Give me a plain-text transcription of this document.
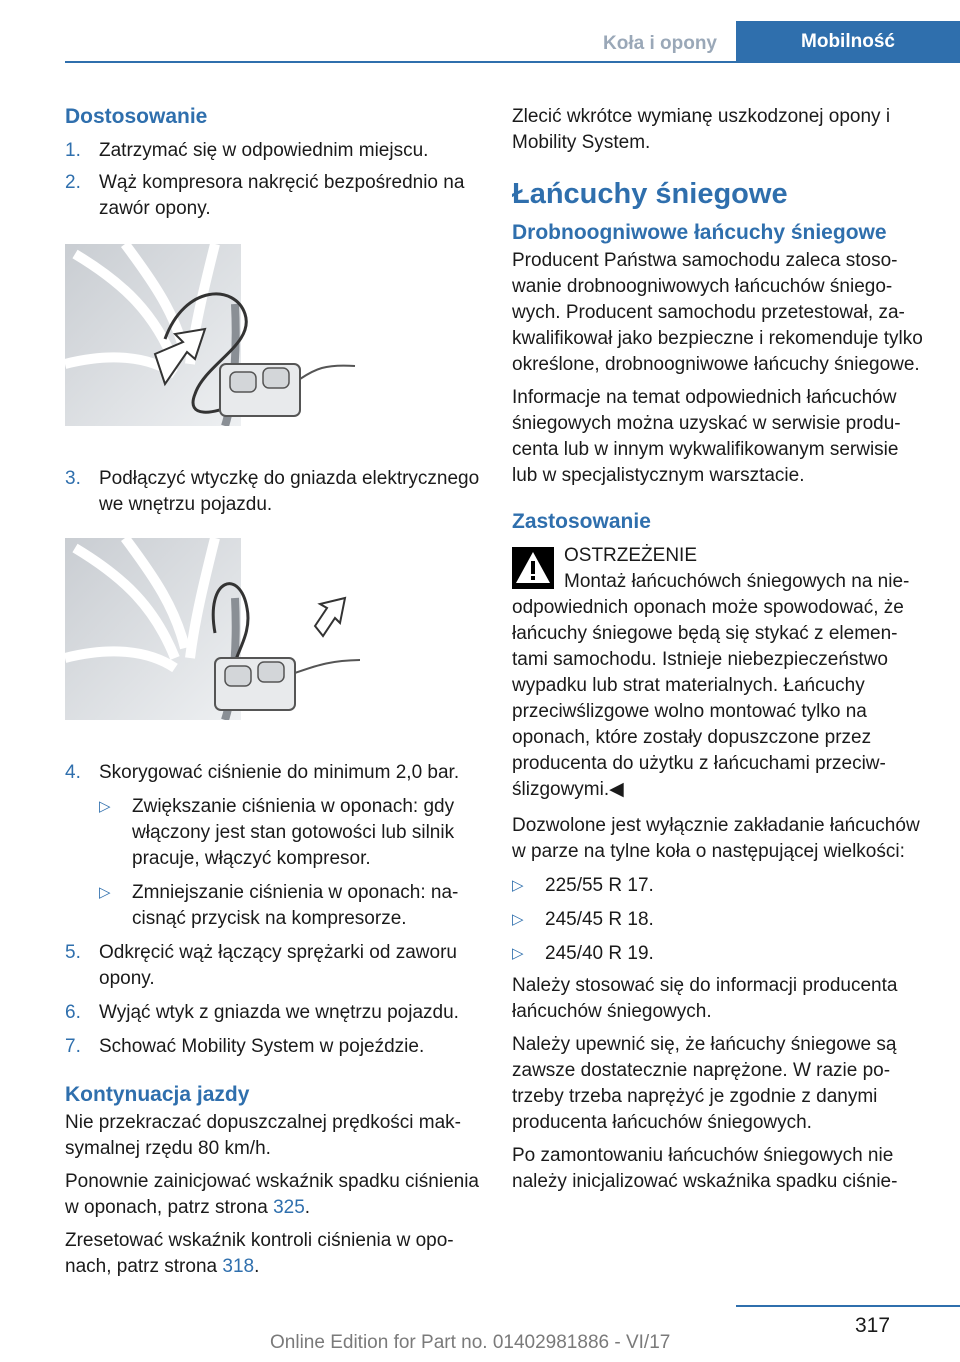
Koła i opony	Mobilność
Dostosowanie
1. Zatrzymać się w odpowiednim miejscu.
2. Wąż kompresora nakręcić bezpośrednio na zawór opony.
3. Podłączyć wtyczkę do gniazda elektrycznego we wnętrzu pojazdu.
4. Skorygować ciśnienie do minimum 2,0 bar.
▷	Zwiększanie ciśnienia w oponach: gdy włączony jest stan gotowości lub silnik pracuje, włączyć kompresor.
▷	Zmniejszanie ciśnienia w oponach: nacisnąć przycisk na kompresorze.
5. Odkręcić wąż łączący sprężarki od zaworu opony.
6. Wyjąć wtyk z gniazda we wnętrzu pojazdu.
7. Schować Mobility System w pojeździe.
Kontynuacja jazdy

Nie przekraczać dopuszczalnej prędkości maksymalnej rzędu 80 km/h.

Ponownie zainicjować wskaźnik spadku ciśnienia w oponach, patrz strona 325.

Zresetować wskaźnik kontroli ciśnienia w oponach, patrz strona 318.

Zlecić wkrótce wymianę uszkodzonej opony i Mobility System.

Łańcuchy śniegowe
Drobnoogniwowe łańcuchy śniegowe

Producent Państwa samochodu zaleca stosowanie drobnoogniwowych łańcuchów śniegowych. Producent samochodu przetestował, zakwalifikował jako bezpieczne i rekomenduje tylko określone, drobnoogniwowe łańcuchy śniegowe.

Informacje na temat odpowiednich łańcuchów śniegowych można uzyskać w serwisie producenta lub w innym wykwalifikowanym serwisie lub w specjalistycznym warsztacie.

Zastosowanie

OSTRZEŻENIE

Montaż łańcuchówch śniegowych na nieodpowiednich oponach może spowodować, że łańcuchy śniegowe będą się stykać z elementami samochodu. Istnieje niebezpieczeństwo wypadku lub strat materialnych. Łańcuchy przeciwślizgowe wolno montować tylko na oponach, które zostały dopuszczone przez producenta do użytku z łańcuchami przeciwślizgowymi.◀

Dozwolone jest wyłącznie zakładanie łańcuchów w parze na tylne koła o następującej wielkości:

▷	225/55 R 17.
▷	245/45 R 18.
▷	245/40 R 19.

Należy stosować się do informacji producenta łańcuchów śniegowych.

Należy upewnić się, że łańcuchy śniegowe są zawsze dostatecznie naprężone. W razie potrzeby trzeba naprężyć je zgodnie z danymi producenta łańcuchów śniegowych.

Po zamontowaniu łańcuchów śniegowych nie należy inicjalizować wskaźnika spadku ciśnie-

317
Online Edition for Part no. 01402981886 - VI/17
